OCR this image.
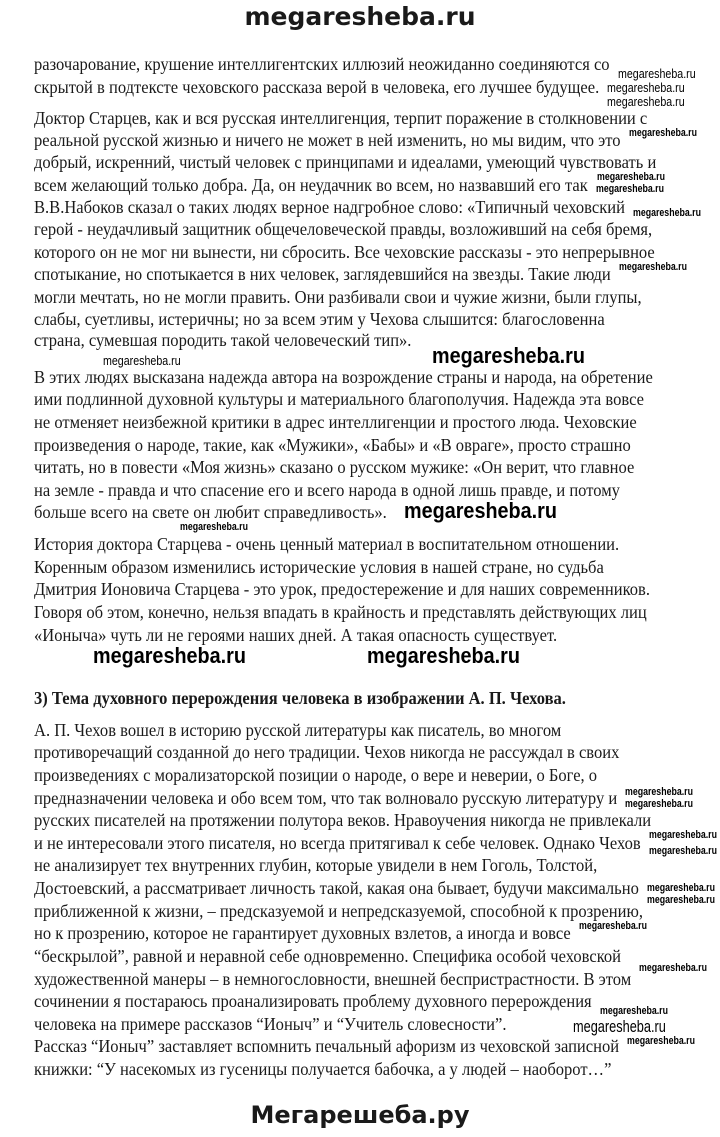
megaresheba.ru
разочарование, крушение интеллигентских иллюзий неожиданно соединяются со
скрытой в подтексте чеховского рассказа верой в человека, его лучшее будущее.
Доктор Старцев, как и вся русская интеллигенция, терпит поражение в столкновении с
реальной русской жизнью и ничего не может в ней изменить, но мы видим, что это
добрый, искренний, чистый человек с принципами и идеалами, умеющий чувствовать и
всем желающий только добра. Да, он неудачник во всем, но назвавший его так
В.В.Набоков сказал о таких людях верное надгробное слово: «Типичный чеховский
герой - неудачливый защитник общечеловеческой правды, возложивший на себя бремя,
которого он не мог ни вынести, ни сбросить. Все чеховские рассказы - это непрерывное
спотыкание, но спотыкается в них человек, заглядевшийся на звезды. Такие люди
могли мечтать, но не могли править. Они разбивали свои и чужие жизни, были глупы,
слабы, суетливы, истеричны; но за всем этим у Чехова слышится: благословенна
страна, сумевшая породить такой человеческий тип».
В этих людях высказана надежда автора на возрождение страны и народа, на обретение
ими подлинной духовной культуры и материального благополучия. Надежда эта вовсе
не отменяет неизбежной критики в адрес интеллигенции и простого люда. Чеховские
произведения о народе, такие, как «Мужики», «Бабы» и «В овраге», просто страшно
читать, но в повести «Моя жизнь» сказано о русском мужике: «Он верит, что главное
на земле - правда и что спасение его и всего народа в одной лишь правде, и потому
больше всего на свете он любит справедливость».
История доктора Старцева - очень ценный материал в воспитательном отношении.
Коренным образом изменились исторические условия в нашей стране, но судьба
Дмитрия Ионовича Старцева - это урок, предостережение и для наших современников.
Говоря об этом, конечно, нельзя впадать в крайность и представлять действующих лиц
«Ионыча» чуть ли не героями наших дней. А такая опасность существует.
3) Тема духовного перерождения человека в изображении А. П. Чехова.
А. П. Чехов вошел в историю русской литературы как писатель, во многом
противоречащий созданной до него традиции. Чехов никогда не рассуждал в своих
произведениях с морализаторской позиции о народе, о вере и неверии, о Боге, о
предназначении человека и обо всем том, что так волновало русскую литературу и
русских писателей на протяжении полутора веков. Нравоучения никогда не привлекали
и не интересовали этого писателя, но всегда притягивал к себе человек. Однако Чехов
не анализирует тех внутренних глубин, которые увидели в нем Гоголь, Толстой,
Достоевский, а рассматривает личность такой, какая она бывает, будучи максимально
приближенной к жизни, – предсказуемой и непредсказуемой, способной к прозрению,
но к прозрению, которое не гарантирует духовных взлетов, а иногда и вовсе
“бескрылой”, равной и неравной себе одновременно. Специфика особой чеховской
художественной манеры – в немногословности, внешней беспристрастности. В этом
сочинении я постараюсь проанализировать проблему духовного перерождения
человека на примере рассказов “Ионыч” и “Учитель словесности”.
Рассказ “Ионыч” заставляет вспомнить печальный афоризм из чеховской записной
книжки: “У насекомых из гусеницы получается бабочка, а у людей – наоборот…”
megaresheba.ru
megaresheba.ru
megaresheba.ru
megaresheba.ru
megaresheba.ru
megaresheba.ru
megaresheba.ru
megaresheba.ru
megaresheba.ru
megaresheba.ru
megaresheba.ru
megaresheba.ru
megaresheba.ru
megaresheba.ru
megaresheba.ru
megaresheba.ru
megaresheba.ru
megaresheba.ru
megaresheba.ru
megaresheba.ru
megaresheba.ru
megaresheba.ru
megaresheba.ru
megaresheba.ru
megaresheba.ru
Мегарешеба.ру
